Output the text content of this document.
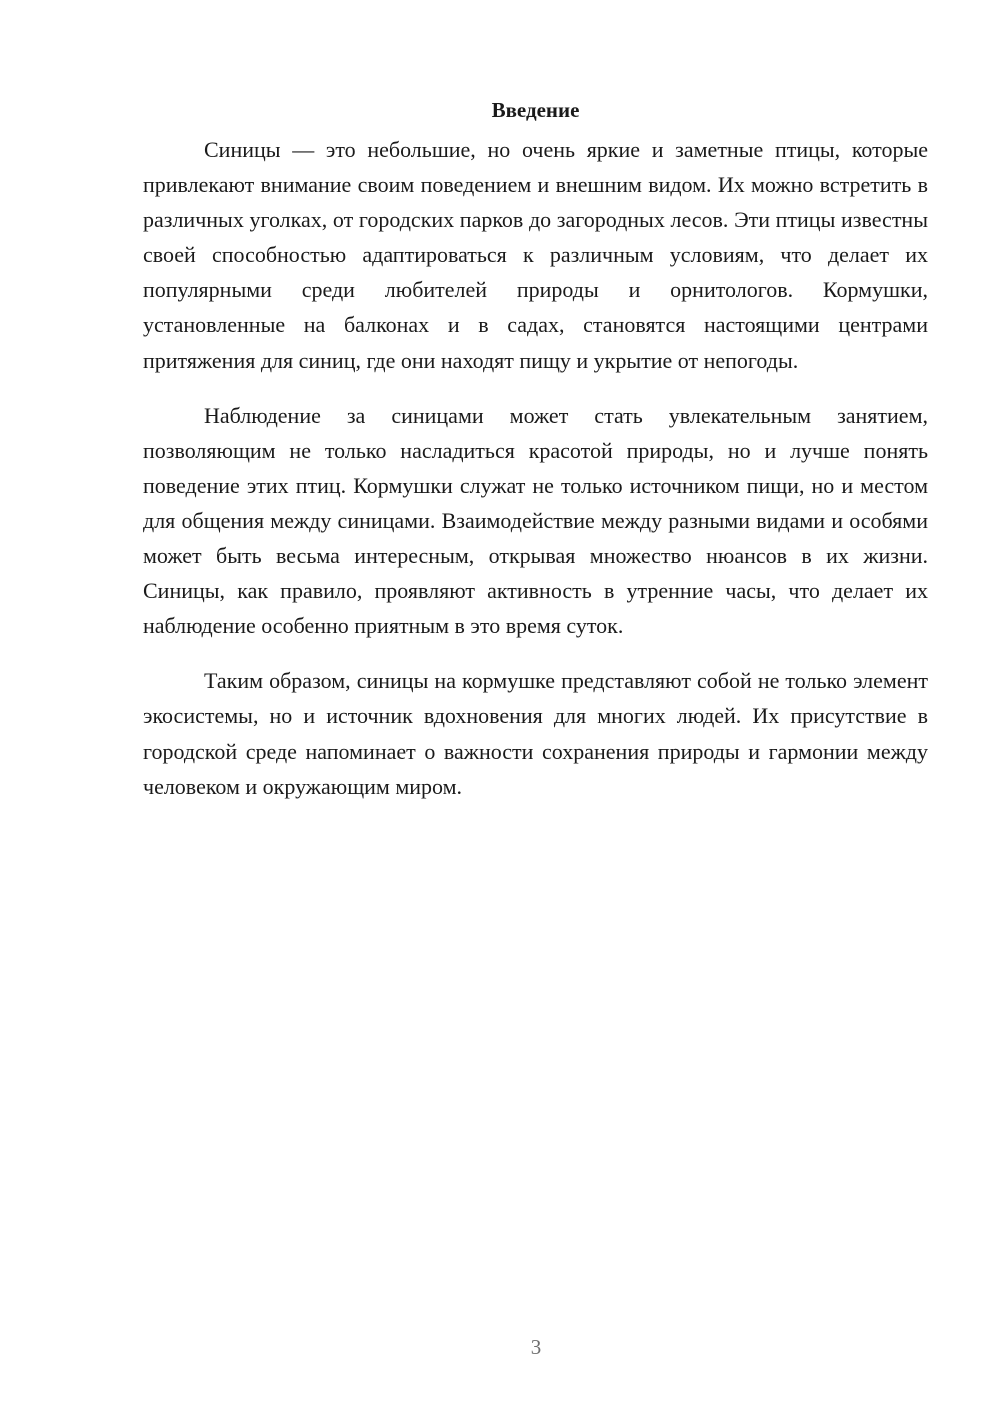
Введение

Синицы — это небольшие, но очень яркие и заметные птицы, которые привлекают внимание своим поведением и внешним видом. Их можно встретить в различных уголках, от городских парков до загородных лесов. Эти птицы известны своей способностью адаптироваться к различным условиям, что делает их популярными среди любителей природы и орнитологов. Кормушки, установленные на балконах и в садах, становятся настоящими центрами притяжения для синиц, где они находят пищу и укрытие от непогоды.

Наблюдение за синицами может стать увлекательным занятием, позволяющим не только насладиться красотой природы, но и лучше понять поведение этих птиц. Кормушки служат не только источником пищи, но и местом для общения между синицами. Взаимодействие между разными видами и особями может быть весьма интересным, открывая множество нюансов в их жизни. Синицы, как правило, проявляют активность в утренние часы, что делает их наблюдение особенно приятным в это время суток.

Таким образом, синицы на кормушке представляют собой не только элемент экосистемы, но и источник вдохновения для многих людей. Их присутствие в городской среде напоминает о важности сохранения природы и гармонии между человеком и окружающим миром.

3
